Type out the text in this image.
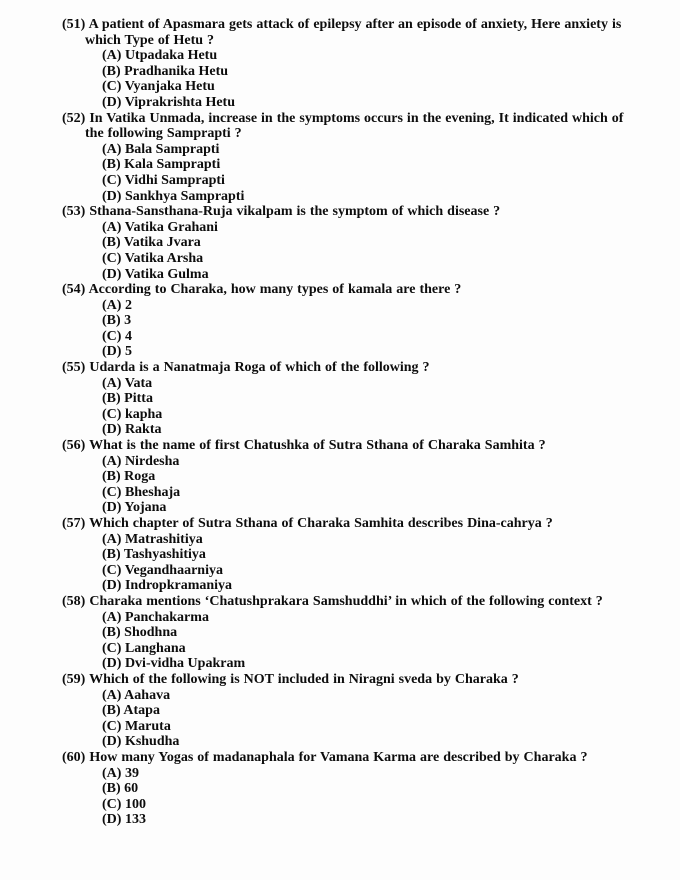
(51) A patient of Apasmara gets attack of epilepsy after an episode of anxiety, Here anxiety is which Type of Hetu ?
(A) Utpadaka Hetu
(B) Pradhanika Hetu
(C) Vyanjaka Hetu
(D) Viprakrishta Hetu
(52) In Vatika Unmada, increase in the symptoms occurs in the evening, It indicated which of the following Samprapti ?
(A) Bala Samprapti
(B) Kala Samprapti
(C) Vidhi Samprapti
(D) Sankhya Samprapti
(53) Sthana-Sansthana-Ruja vikalpam is the symptom of which disease ?
(A) Vatika Grahani
(B) Vatika Jvara
(C) Vatika Arsha
(D) Vatika Gulma
(54) According to Charaka, how many types of kamala are there ?
(A) 2
(B) 3
(C) 4
(D) 5
(55) Udarda is a Nanatmaja Roga of which of the following ?
(A) Vata
(B) Pitta
(C) kapha
(D) Rakta
(56) What is the name of first Chatushka of Sutra Sthana of Charaka Samhita ?
(A) Nirdesha
(B) Roga
(C) Bheshaja
(D) Yojana
(57) Which chapter of Sutra Sthana of Charaka Samhita describes Dina-cahrya ?
(A) Matrashitiya
(B) Tashyashitiya
(C) Vegandhaarniya
(D) Indropkramaniya
(58) Charaka mentions ‘Chatushprakara Samshuddhi’ in which of the following context ?
(A) Panchakarma
(B) Shodhna
(C) Langhana
(D) Dvi-vidha Upakram
(59) Which of the following is NOT included in Niragni sveda by Charaka ?
(A) Aahava
(B) Atapa
(C) Maruta
(D) Kshudha
(60) How many Yogas of madanaphala for Vamana Karma are described by Charaka ?
(A) 39
(B) 60
(C) 100
(D) 133
